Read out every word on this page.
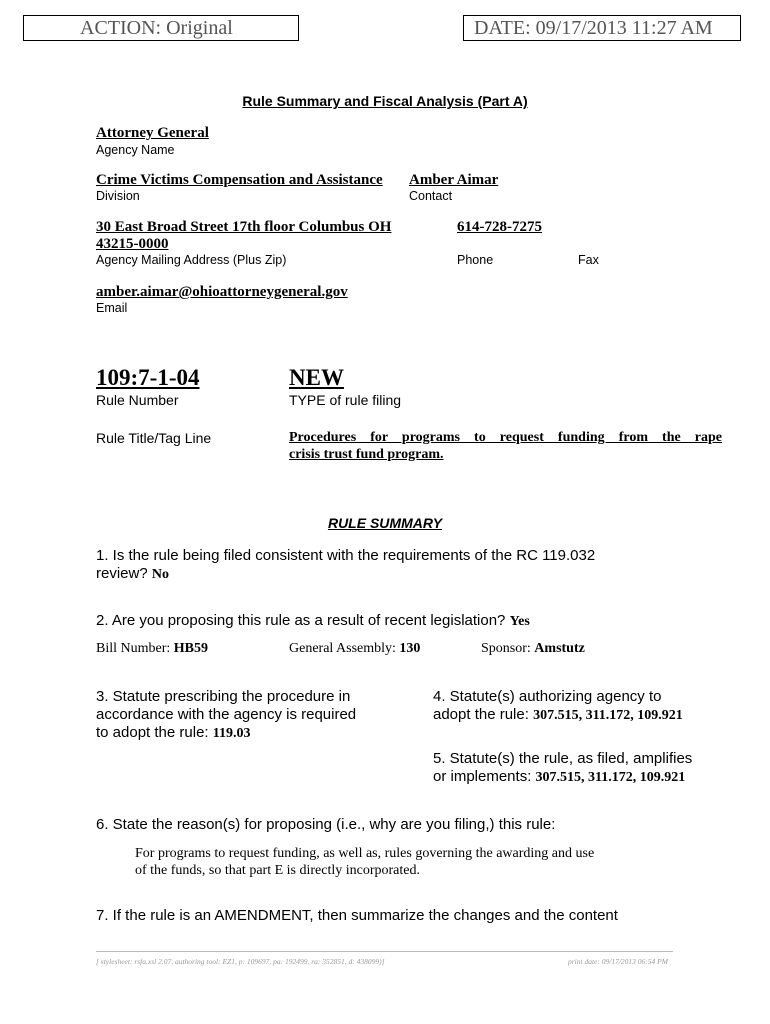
ACTION: Original	DATE: 09/17/2013 11:27 AM
Rule Summary and Fiscal Analysis (Part A)
Attorney General
Agency Name
Crime Victims Compensation and Assistance
Division
Amber Aimar
Contact
30 East Broad Street 17th floor Columbus OH
43215-0000
Agency Mailing Address (Plus Zip)
614-728-7275
Phone	Fax
amber.aimar@ohioattorneygeneral.gov
Email
109:7-1-04
Rule Number
NEW
TYPE of rule filing
Rule Title/Tag Line	Procedures for programs to request funding from the rape
crisis trust fund program.
RULE SUMMARY
1. Is the rule being filed consistent with the requirements of the RC 119.032
review? No
2. Are you proposing this rule as a result of recent legislation? Yes
Bill Number: HB59	General Assembly: 130	Sponsor: Amstutz
3. Statute prescribing the procedure in
accordance with the agency is required
to adopt the rule: 119.03
4. Statute(s) authorizing agency to
adopt the rule: 307.515, 311.172, 109.921
5. Statute(s) the rule, as filed, amplifies
or implements: 307.515, 311.172, 109.921
6. State the reason(s) for proposing (i.e., why are you filing,) this rule:
For programs to request funding, as well as, rules governing the awarding and use
of the funds, so that part E is directly incorporated.
7. If the rule is an AMENDMENT, then summarize the changes and the content
[ stylesheet: rsfa.xsl 2.07, authoring tool: EZ1, p: 109697, pa: 192499, ra: 352851, d: 438099)]	print date: 09/17/2013 06:54 PM
